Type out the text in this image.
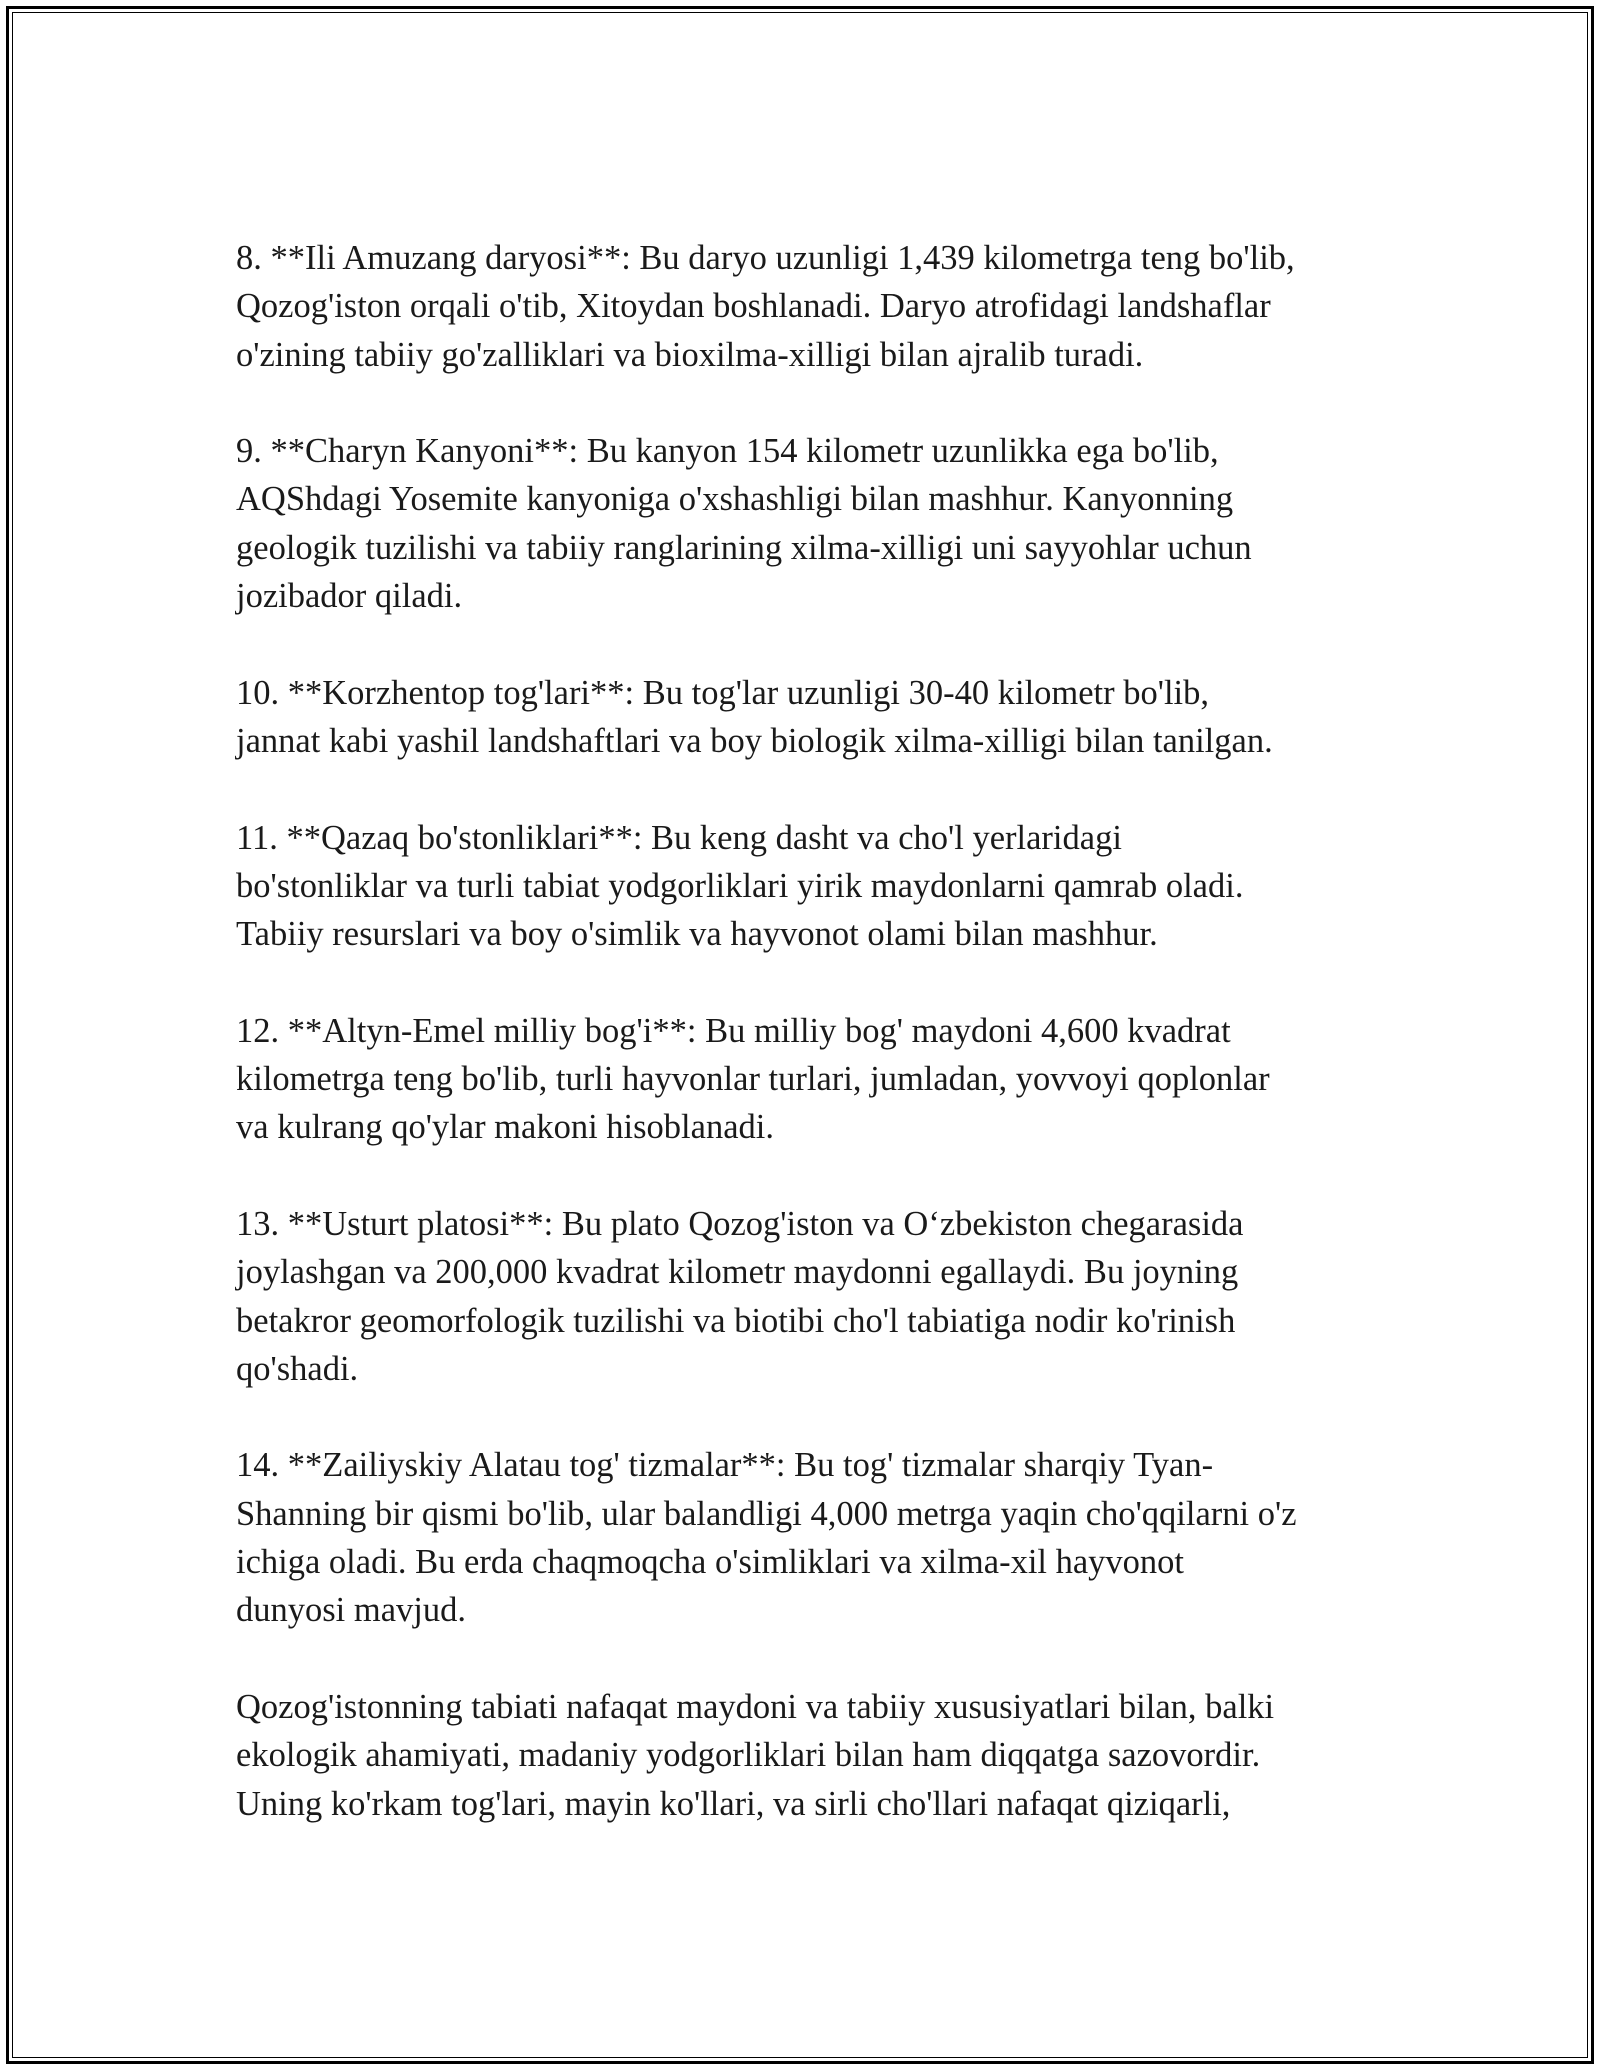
8. **Ili Amuzang daryosi**: Bu daryo uzunligi 1,439 kilometrga teng bo'lib,
Qozog'iston orqali o'tib, Xitoydan boshlanadi. Daryo atrofidagi landshaflar
o'zining tabiiy go'zalliklari va bioxilma-xilligi bilan ajralib turadi.

9. **Charyn Kanyoni**: Bu kanyon 154 kilometr uzunlikka ega bo'lib,
AQShdagi Yosemite kanyoniga o'xshashligi bilan mashhur. Kanyonning
geologik tuzilishi va tabiiy ranglarining xilma-xilligi uni sayyohlar uchun
jozibador qiladi.

10. **Korzhentop tog'lari**: Bu tog'lar uzunligi 30-40 kilometr bo'lib,
jannat kabi yashil landshaftlari va boy biologik xilma-xilligi bilan tanilgan.

11. **Qazaq bo'stonliklari**: Bu keng dasht va cho'l yerlaridagi
bo'stonliklar va turli tabiat yodgorliklari yirik maydonlarni qamrab oladi.
Tabiiy resurslari va boy o'simlik va hayvonot olami bilan mashhur.

12. **Altyn-Emel milliy bog'i**: Bu milliy bog' maydoni 4,600 kvadrat
kilometrga teng bo'lib, turli hayvonlar turlari, jumladan, yovvoyi qoplonlar
va kulrang qo'ylar makoni hisoblanadi.

13. **Usturt platosi**: Bu plato Qozog'iston va O‘zbekiston chegarasida
joylashgan va 200,000 kvadrat kilometr maydonni egallaydi. Bu joyning
betakror geomorfologik tuzilishi va biotibi cho'l tabiatiga nodir ko'rinish
qo'shadi.

14. **Zailiyskiy Alatau tog' tizmalar**: Bu tog' tizmalar sharqiy Tyan-
Shanning bir qismi bo'lib, ular balandligi 4,000 metrga yaqin cho'qqilarni o'z
ichiga oladi. Bu erda chaqmoqcha o'simliklari va xilma-xil hayvonot
dunyosi mavjud.

Qozog'istonning tabiati nafaqat maydoni va tabiiy xususiyatlari bilan, balki
ekologik ahamiyati, madaniy yodgorliklari bilan ham diqqatga sazovordir.
Uning ko'rkam tog'lari, mayin ko'llari, va sirli cho'llari nafaqat qiziqarli,
